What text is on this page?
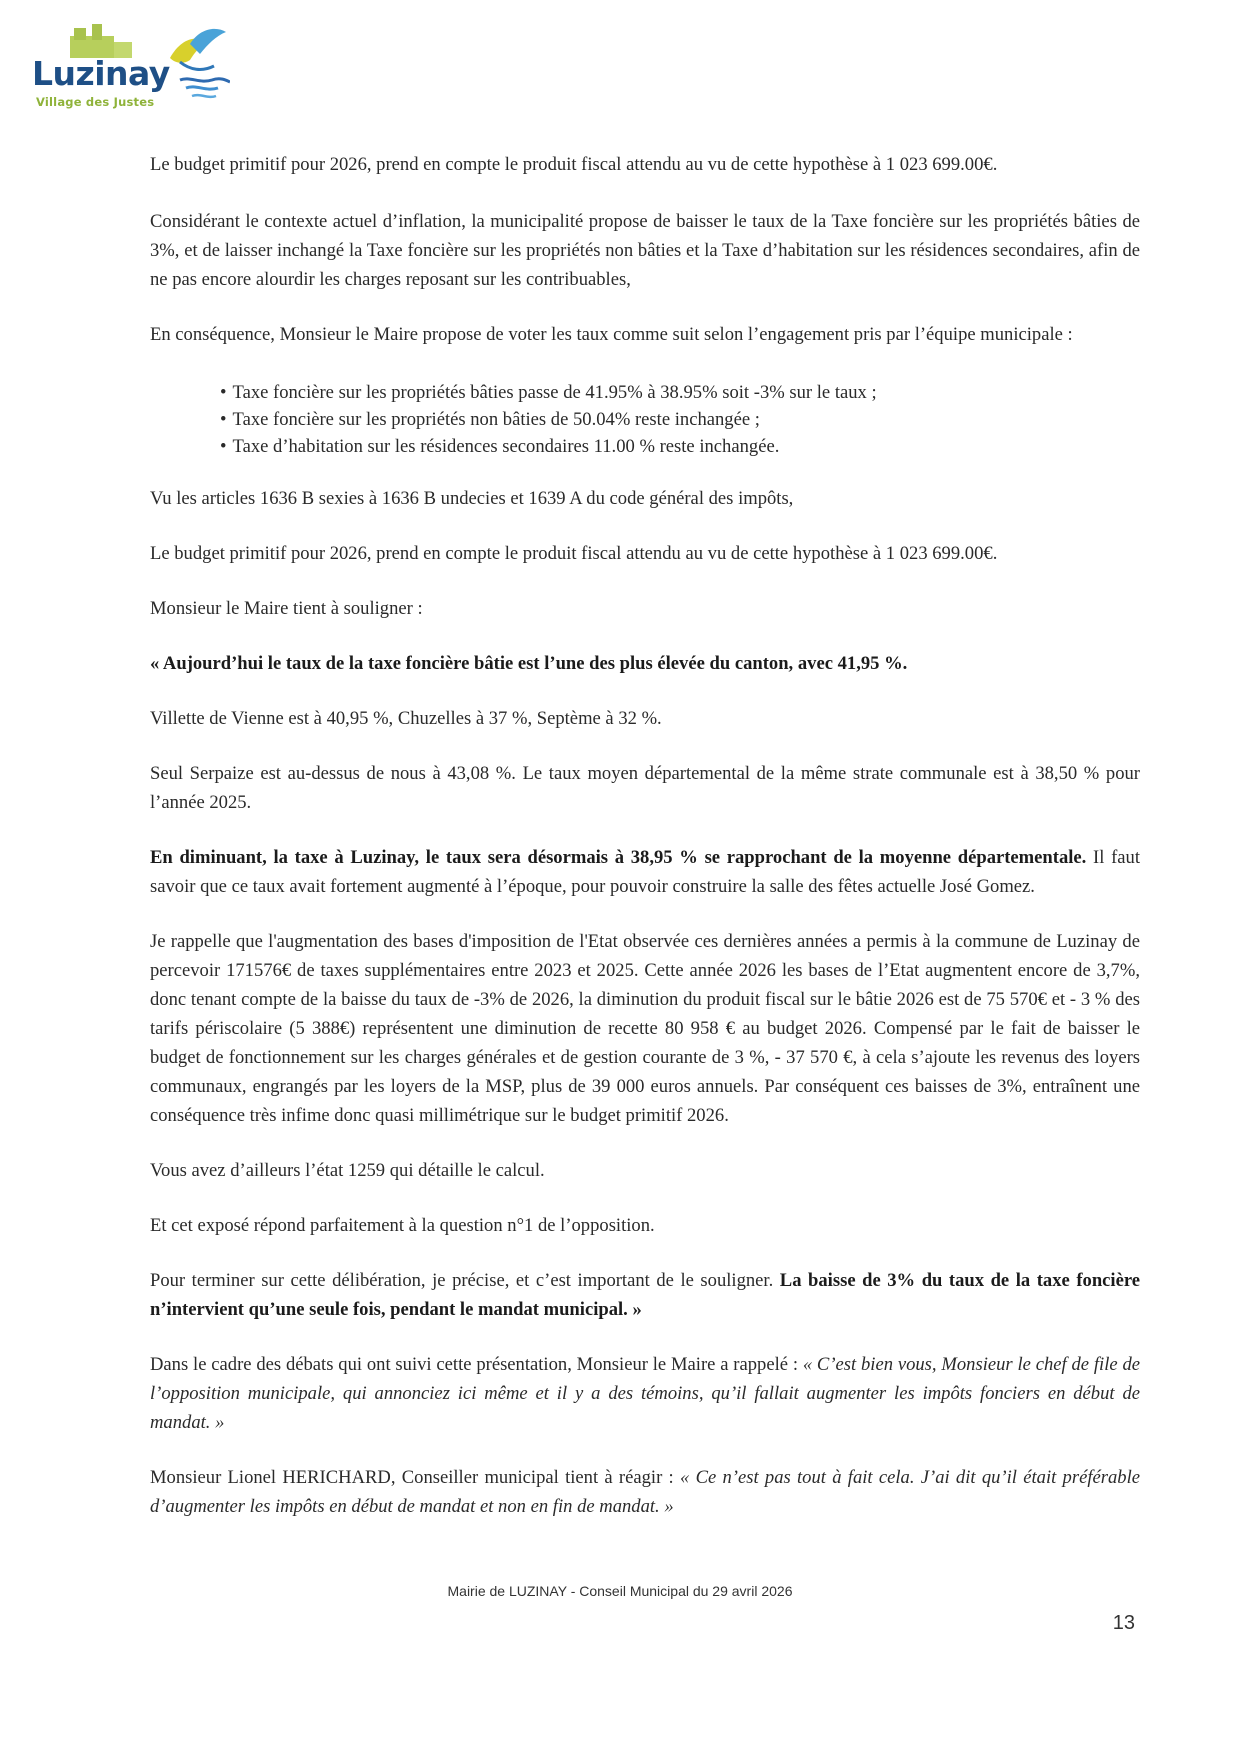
Luzinay
Village des Justes

Le budget primitif pour 2026, prend en compte le produit fiscal attendu au vu de cette hypothèse à 1 023 699.00€.

Considérant le contexte actuel d’inflation, la municipalité propose de baisser le taux de la Taxe foncière sur les propriétés bâties de 3%, et de laisser inchangé la Taxe foncière sur les propriétés non bâties et la Taxe d’habitation sur les résidences secondaires, afin de ne pas encore alourdir les charges reposant sur les contribuables,

En conséquence, Monsieur le Maire propose de voter les taux comme suit selon l’engagement pris par l’équipe municipale :

• Taxe foncière sur les propriétés bâties passe de 41.95% à 38.95% soit -3% sur le taux ;
• Taxe foncière sur les propriétés non bâties de 50.04% reste inchangée ;
• Taxe d’habitation sur les résidences secondaires 11.00 % reste inchangée.

Vu les articles 1636 B sexies à 1636 B undecies et 1639 A du code général des impôts,

Le budget primitif pour 2026, prend en compte le produit fiscal attendu au vu de cette hypothèse à 1 023 699.00€.

Monsieur le Maire tient à souligner :

« Aujourd’hui le taux de la taxe foncière bâtie est l’une des plus élevée du canton, avec 41,95 %.

Villette de Vienne est à 40,95 %, Chuzelles à 37 %, Septème à 32 %.

Seul Serpaize est au-dessus de nous à 43,08 %. Le taux moyen départemental de la même strate communale est à 38,50 % pour l’année 2025.

En diminuant, la taxe à Luzinay, le taux sera désormais à 38,95 % se rapprochant de la moyenne départementale. Il faut savoir que ce taux avait fortement augmenté à l’époque, pour pouvoir construire la salle des fêtes actuelle José Gomez.

Je rappelle que l'augmentation des bases d'imposition de l'Etat observée ces dernières années a permis à la commune de Luzinay de percevoir 171576€ de taxes supplémentaires entre 2023 et 2025. Cette année 2026 les bases de l’Etat augmentent encore de 3,7%, donc tenant compte de la baisse du taux de -3% de 2026, la diminution du produit fiscal sur le bâtie 2026 est de 75 570€ et - 3 % des tarifs périscolaire (5 388€) représentent une diminution de recette 80 958 € au budget 2026. Compensé par le fait de baisser le budget de fonctionnement sur les charges générales et de gestion courante de 3 %, - 37 570 €, à cela s’ajoute les revenus des loyers communaux, engrangés par les loyers de la MSP, plus de 39 000 euros annuels. Par conséquent ces baisses de 3%, entraînent une conséquence très infime donc quasi millimétrique sur le budget primitif 2026.

Vous avez d’ailleurs l’état 1259 qui détaille le calcul.

Et cet exposé répond parfaitement à la question n°1 de l’opposition.

Pour terminer sur cette délibération, je précise, et c’est important de le souligner. La baisse de 3% du taux de la taxe foncière n’intervient qu’une seule fois, pendant le mandat municipal. »

Dans le cadre des débats qui ont suivi cette présentation, Monsieur le Maire a rappelé : « C’est bien vous, Monsieur le chef de file de l’opposition municipale, qui annonciez ici même et il y a des témoins, qu’il fallait augmenter les impôts fonciers en début de mandat. »

Monsieur Lionel HERICHARD, Conseiller municipal tient à réagir : « Ce n’est pas tout à fait cela. J’ai dit qu’il était préférable d’augmenter les impôts en début de mandat et non en fin de mandat. »

Mairie de LUZINAY - Conseil Municipal du 29 avril 2026
13
